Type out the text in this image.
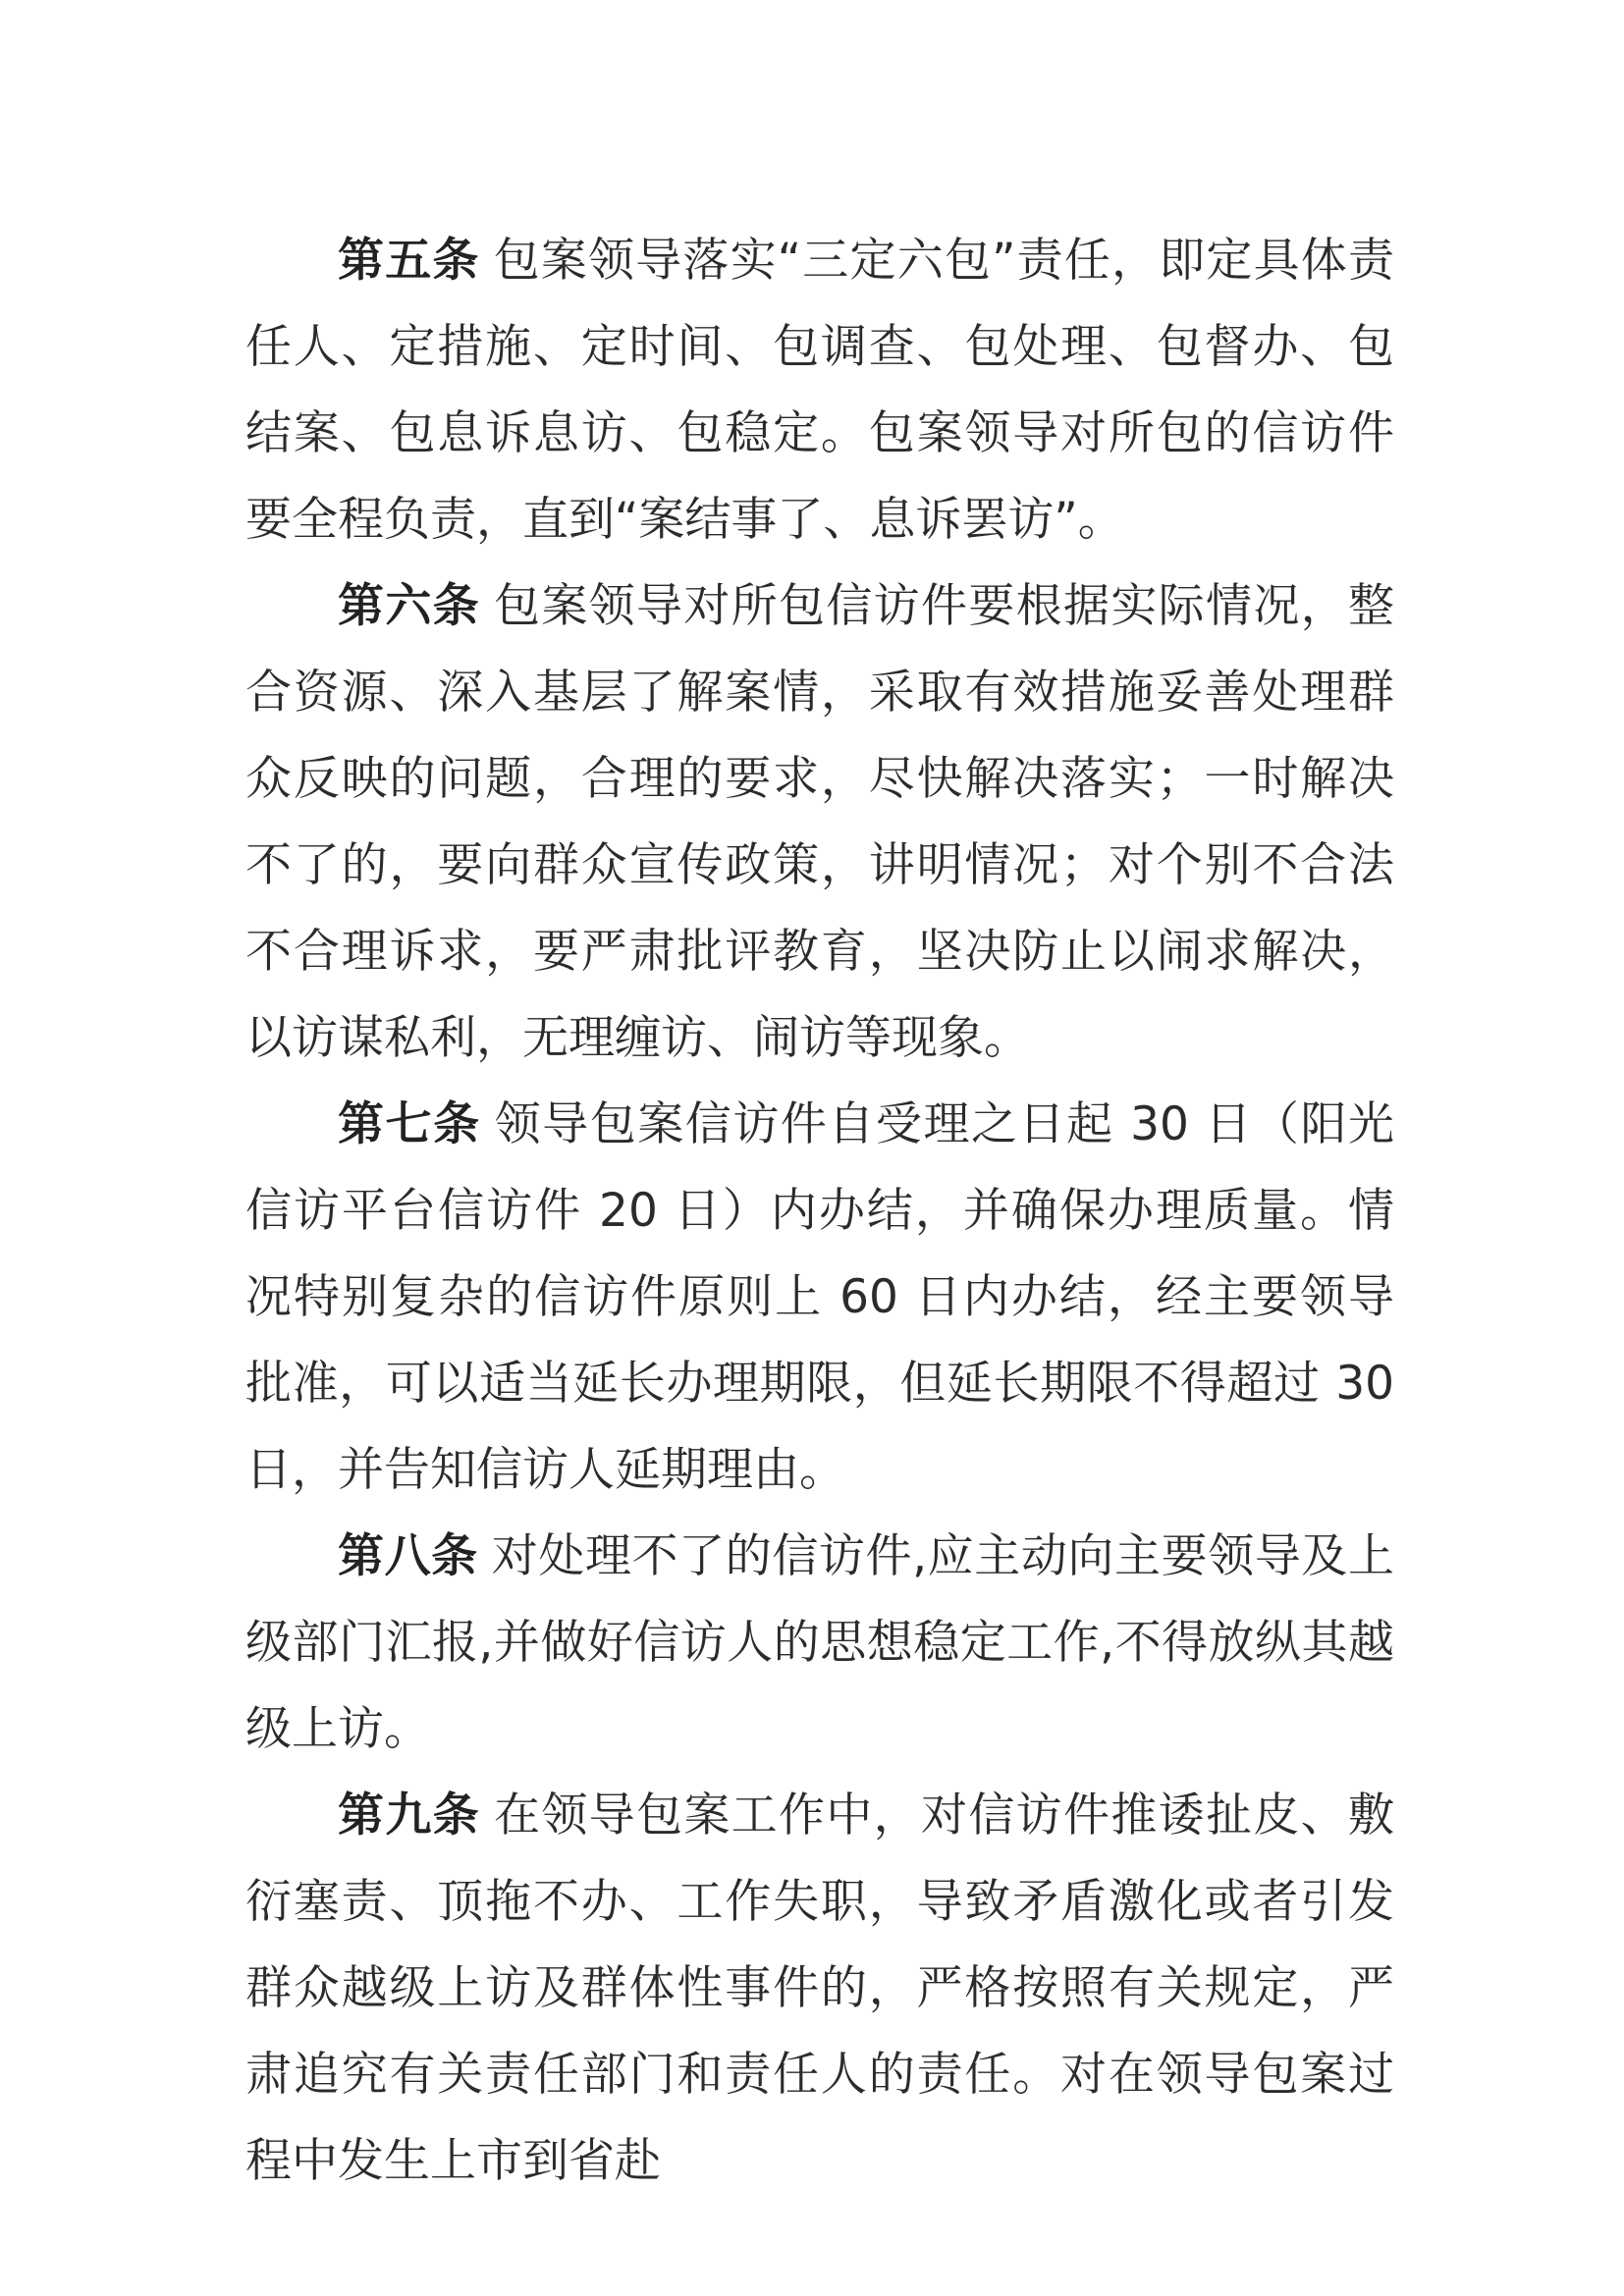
第五条 包案领导落实“三定六包”责任，即定具体责任人、定措施、定时间、包调查、包处理、包督办、包结案、包息诉息访、包稳定。包案领导对所包的信访件要全程负责，直到“案结事了、息诉罢访”。

第六条 包案领导对所包信访件要根据实际情况，整合资源、深入基层了解案情，采取有效措施妥善处理群众反映的问题，合理的要求，尽快解决落实；一时解决不了的，要向群众宣传政策，讲明情况；对个别不合法不合理诉求，要严肃批评教育，坚决防止以闹求解决，以访谋私利，无理缠访、闹访等现象。

第七条 领导包案信访件自受理之日起 30 日（阳光信访平台信访件 20 日）内办结，并确保办理质量。情况特别复杂的信访件原则上 60 日内办结，经主要领导批准，可以适当延长办理期限，但延长期限不得超过 30 日，并告知信访人延期理由。

第八条 对处理不了的信访件,应主动向主要领导及上级部门汇报,并做好信访人的思想稳定工作,不得放纵其越级上访。

第九条 在领导包案工作中，对信访件推诿扯皮、敷衍塞责、顶拖不办、工作失职，导致矛盾激化或者引发群众越级上访及群体性事件的，严格按照有关规定，严肃追究有关责任部门和责任人的责任。对在领导包案过程中发生上市到省赴
